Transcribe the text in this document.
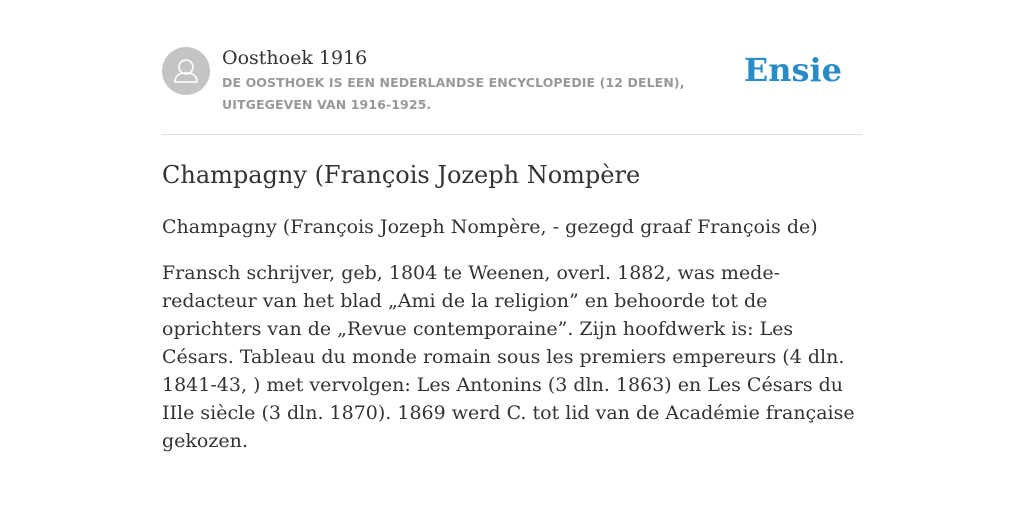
Oosthoek 1916
DE OOSTHOEK IS EEN NEDERLANDSE ENCYCLOPEDIE (12 DELEN), UITGEGEVEN VAN 1916-1925.
Ensie
Champagny (François Jozeph Nompère

Champagny (François Jozeph Nompère, - gezegd graaf François de)

Fransch schrijver, geb, 1804 te Weenen, overl. 1882, was mede-redacteur van het blad „Ami de la religion” en behoorde tot de oprichters van de „Revue contemporaine”. Zijn hoofdwerk is: Les Césars. Tableau du monde romain sous les premiers empereurs (4 dln. 1841-43, ) met vervolgen: Les Antonins (3 dln. 1863) en Les Césars du IIle siècle (3 dln. 1870). 1869 werd C. tot lid van de Académie française gekozen.
